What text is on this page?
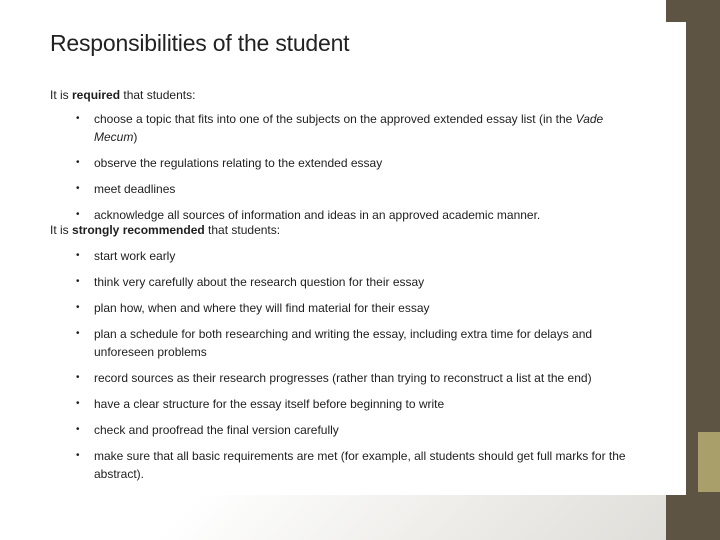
Responsibilities of the student

It is required that students:

• choose a topic that fits into one of the subjects on the approved extended essay list (in the Vade Mecum)
• observe the regulations relating to the extended essay
• meet deadlines
• acknowledge all sources of information and ideas in an approved academic manner.

It is strongly recommended that students:

• start work early
• think very carefully about the research question for their essay
• plan how, when and where they will find material for their essay
• plan a schedule for both researching and writing the essay, including extra time for delays and unforeseen problems
• record sources as their research progresses (rather than trying to reconstruct a list at the end)
• have a clear structure for the essay itself before beginning to write
• check and proofread the final version carefully
• make sure that all basic requirements are met (for example, all students should get full marks for the abstract).
